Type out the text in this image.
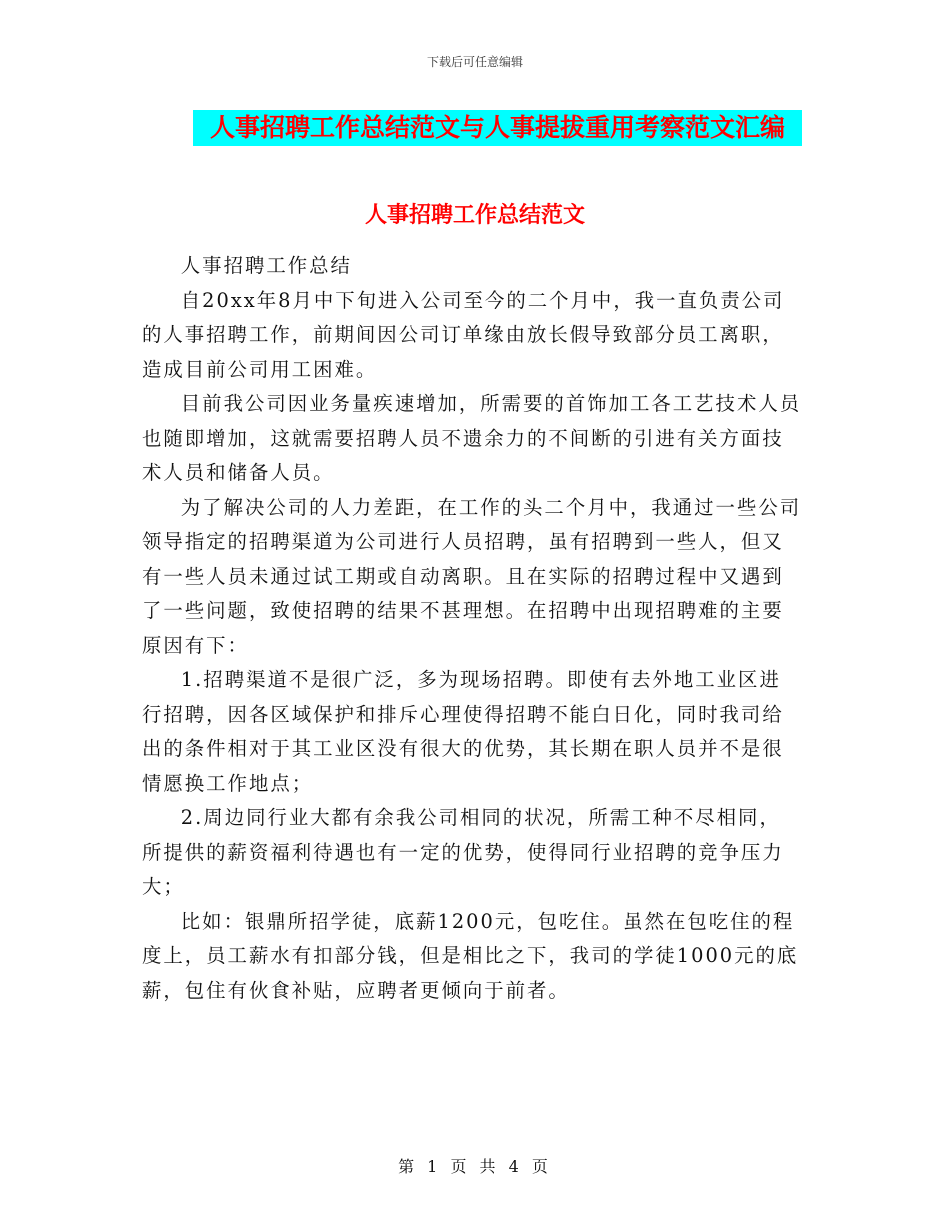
下载后可任意编辑
人事招聘工作总结范文与人事提拔重用考察范文汇编
人事招聘工作总结范文

人事招聘工作总结

自20xx年8月中下旬进入公司至今的二个月中，我一直负责公司的人事招聘工作，前期间因公司订单缘由放长假导致部分员工离职，造成目前公司用工困难。

目前我公司因业务量疾速增加，所需要的首饰加工各工艺技术人员也随即增加，这就需要招聘人员不遗余力的不间断的引进有关方面技术人员和储备人员。

为了解决公司的人力差距，在工作的头二个月中，我通过一些公司领导指定的招聘渠道为公司进行人员招聘，虽有招聘到一些人，但又有一些人员未通过试工期或自动离职。且在实际的招聘过程中又遇到了一些问题，致使招聘的结果不甚理想。在招聘中出现招聘难的主要原因有下：

1.招聘渠道不是很广泛，多为现场招聘。即使有去外地工业区进行招聘，因各区域保护和排斥心理使得招聘不能白日化，同时我司给出的条件相对于其工业区没有很大的优势，其长期在职人员并不是很情愿换工作地点；

2.周边同行业大都有余我公司相同的状况，所需工种不尽相同，所提供的薪资福利待遇也有一定的优势，使得同行业招聘的竞争压力大；

比如：银鼎所招学徒，底薪1200元，包吃住。虽然在包吃住的程度上，员工薪水有扣部分钱，但是相比之下，我司的学徒1000元的底薪，包住有伙食补贴，应聘者更倾向于前者。

第 1 页 共 4 页
